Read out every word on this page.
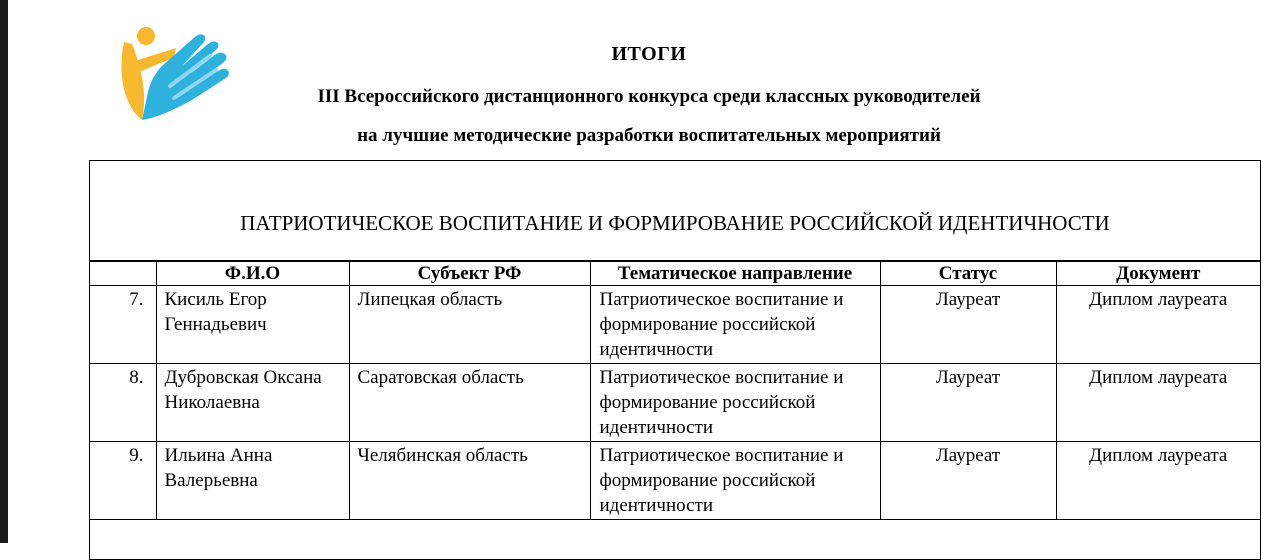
ИТОГИ
III Всероссийского дистанционного конкурса среди классных руководителей
на лучшие методические разработки воспитательных мероприятий
ПАТРИОТИЧЕСКОЕ ВОСПИТАНИЕ И ФОРМИРОВАНИЕ РОССИЙСКОЙ ИДЕНТИЧНОСТИ
	Ф.И.О	Субъект РФ	Тематическое направление	Статус	Документ
7.	Кисиль Егор Геннадьевич	Липецкая область	Патриотическое воспитание и формирование российской идентичности	Лауреат	Диплом лауреата
8.	Дубровская Оксана Николаевна	Саратовская область	Патриотическое воспитание и формирование российской идентичности	Лауреат	Диплом лауреата
9.	Ильина Анна Валерьевна	Челябинская область	Патриотическое воспитание и формирование российской идентичности	Лауреат	Диплом лауреата
